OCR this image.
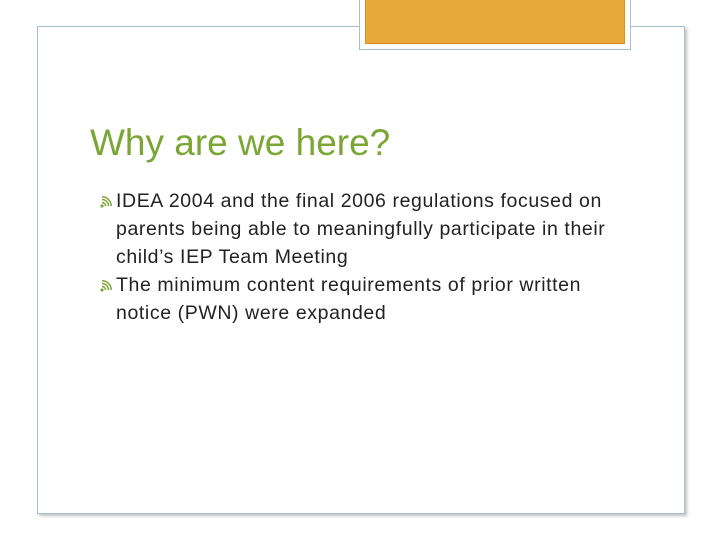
Why are we here?
IDEA 2004 and the final 2006 regulations focused on parents being able to meaningfully participate in their child’s IEP Team Meeting
The minimum content requirements of prior written notice (PWN) were expanded
